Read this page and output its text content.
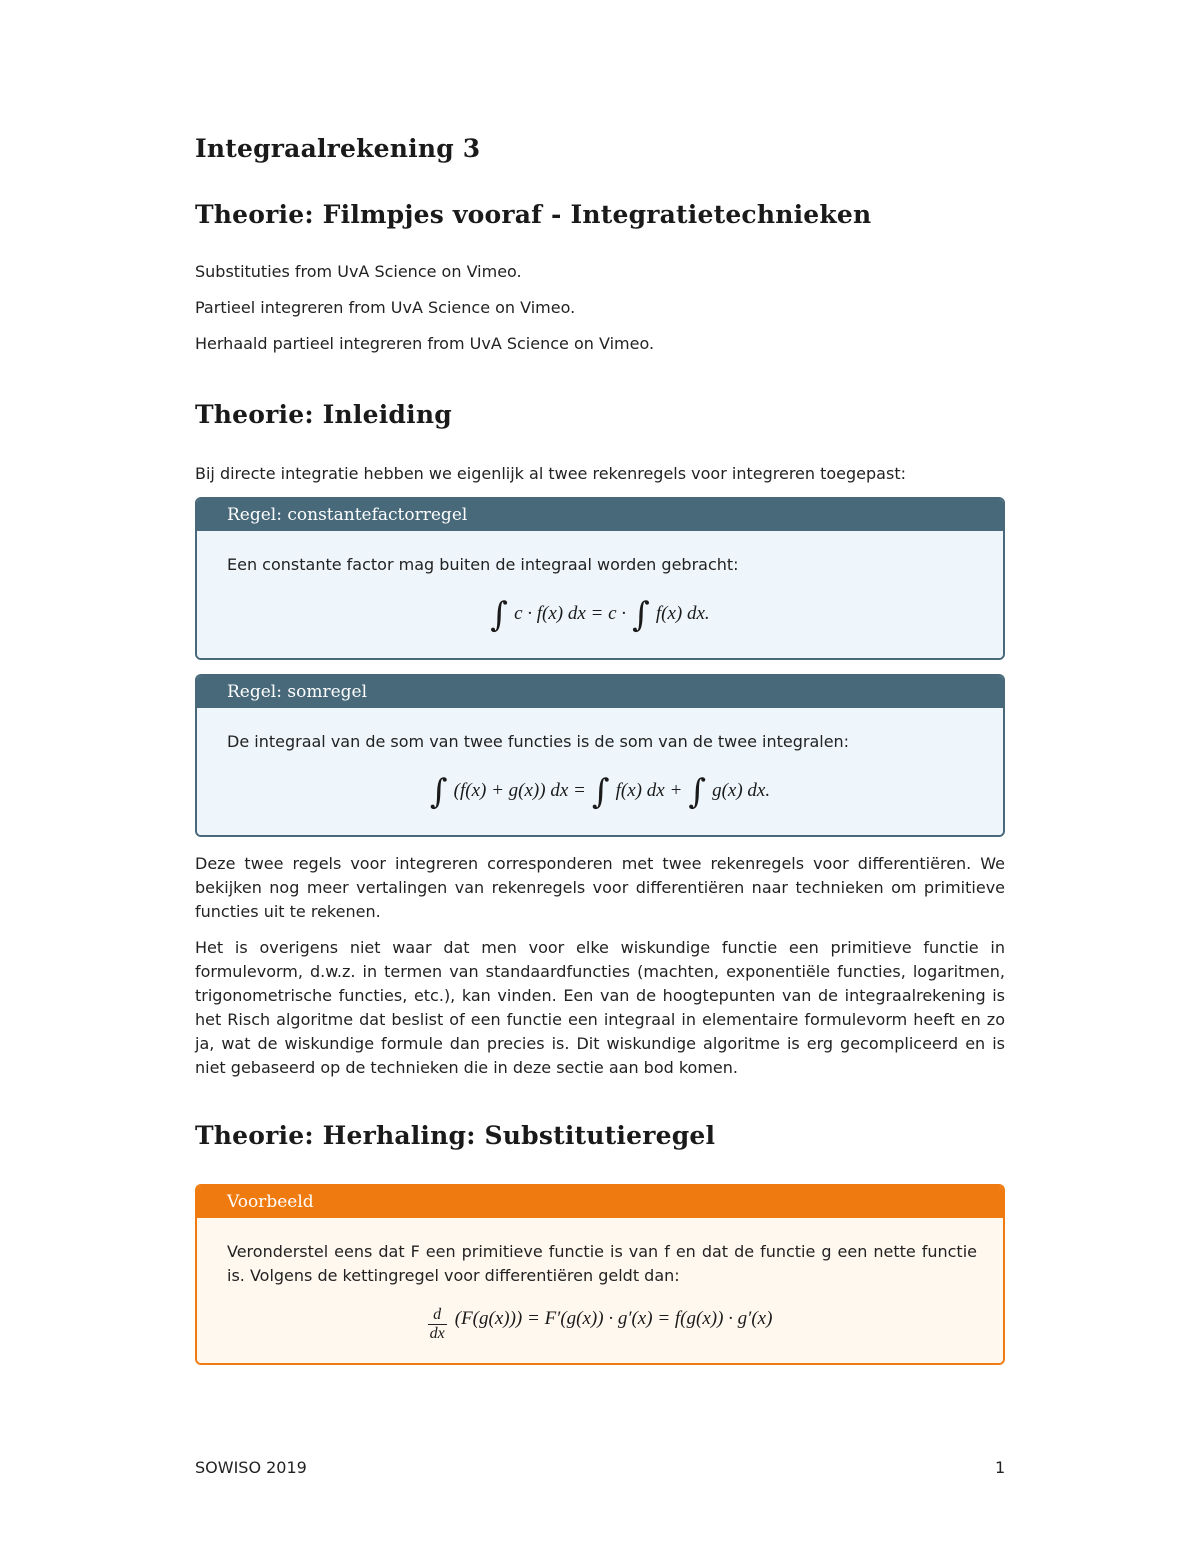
Integraalrekening 3
Theorie: Filmpjes vooraf - Integratietechnieken
Substituties from UvA Science on Vimeo.
Partieel integreren from UvA Science on Vimeo.
Herhaald partieel integreren from UvA Science on Vimeo.
Theorie: Inleiding
Bij directe integratie hebben we eigenlijk al twee rekenregels voor integreren toegepast:
Regel: constantefactorregel
Een constante factor mag buiten de integraal worden gebracht:
∫ c · f(x) dx = c · ∫ f(x) dx.
Regel: somregel
De integraal van de som van twee functies is de som van de twee integralen:
∫ (f(x) + g(x)) dx = ∫ f(x) dx + ∫ g(x) dx.
Deze twee regels voor integreren corresponderen met twee rekenregels voor differentiëren. We bekijken nog meer vertalingen van rekenregels voor differentiëren naar technieken om primitieve functies uit te rekenen.
Het is overigens niet waar dat men voor elke wiskundige functie een primitieve functie in formulevorm, d.w.z. in termen van standaardfuncties (machten, exponentiële functies, logaritmen, trigonometrische functies, etc.), kan vinden. Een van de hoogtepunten van de integraalrekening is het Risch algoritme dat beslist of een functie een integraal in elementaire formulevorm heeft en zo ja, wat de wiskundige formule dan precies is. Dit wiskundige algoritme is erg gecompliceerd en is niet gebaseerd op de technieken die in deze sectie aan bod komen.
Theorie: Herhaling: Substitutieregel
Voorbeeld
Veronderstel eens dat F een primitieve functie is van f en dat de functie g een nette functie is. Volgens de kettingregel voor differentiëren geldt dan:
$\frac{d}{dx} (F(g(x))) = F'(g(x)) \cdot g'(x) = f(g(x)) \cdot g'(x)$
SOWISO 2019	1
